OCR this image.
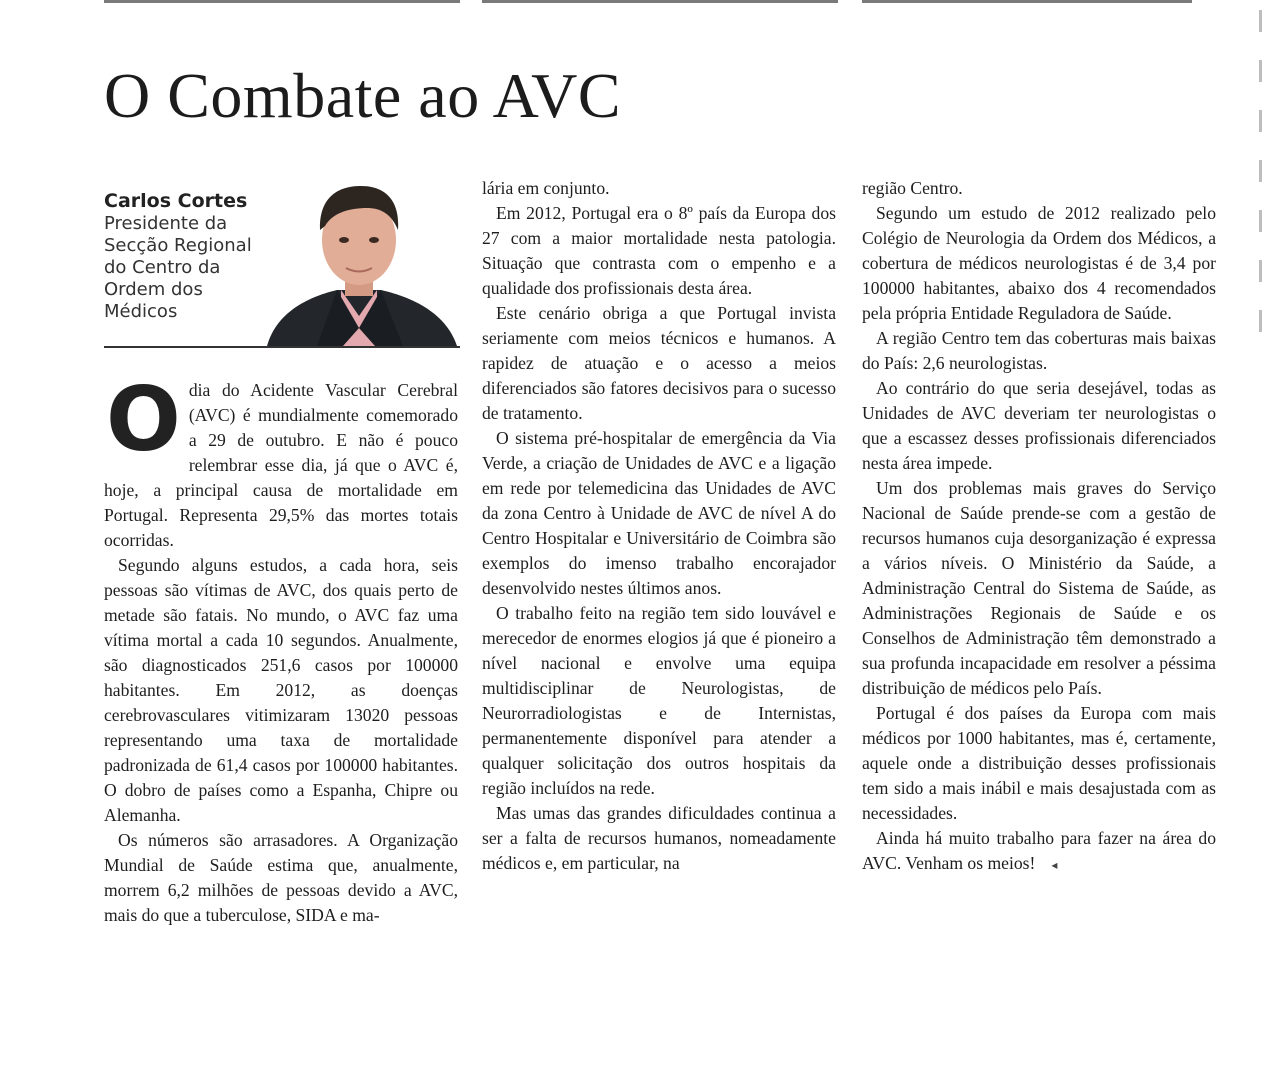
O Combate ao AVC
Carlos Cortes
Presidente da Secção Regional do Centro da Ordem dos Médicos

Odia do Acidente Vascular Cerebral (AVC) é mundialmente comemorado a 29 de outubro. E não é pouco relembrar esse dia, já que o AVC é, hoje, a principal causa de mortalidade em Portugal. Representa 29,5% das mortes totais ocorridas.

Segundo alguns estudos, a cada hora, seis pessoas são vítimas de AVC, dos quais perto de metade são fatais. No mundo, o AVC faz uma vítima mortal a cada 10 segundos. Anualmente, são diagnosticados 251,6 casos por 100000 habitantes. Em 2012, as doenças cerebrovasculares vitimizaram 13020 pessoas representando uma taxa de mortalidade padronizada de 61,4 casos por 100000 habitantes. O dobro de países como a Espanha, Chipre ou Alemanha.

Os números são arrasadores. A Organização Mundial de Saúde estima que, anualmente, morrem 6,2 milhões de pessoas devido a AVC, mais do que a tuberculose, SIDA e ma-

lária em conjunto.

Em 2012, Portugal era o 8º país da Europa dos 27 com a maior mortalidade nesta patologia. Situação que contrasta com o empenho e a qualidade dos profissionais desta área.

Este cenário obriga a que Portugal invista seriamente com meios técnicos e humanos. A rapidez de atuação e o acesso a meios diferenciados são fatores decisivos para o sucesso de tratamento.

O sistema pré-hospitalar de emergência da Via Verde, a criação de Unidades de AVC e a ligação em rede por telemedicina das Unidades de AVC da zona Centro à Unidade de AVC de nível A do Centro Hospitalar e Universitário de Coimbra são exemplos do imenso trabalho encorajador desenvolvido nestes últimos anos.

O trabalho feito na região tem sido louvável e merecedor de enormes elogios já que é pioneiro a nível nacional e envolve uma equipa multidisciplinar de Neurologistas, de Neurorradiologistas e de Internistas, permanentemente disponível para atender a qualquer solicitação dos outros hospitais da região incluídos na rede.

Mas umas das grandes dificuldades continua a ser a falta de recursos humanos, nomeadamente médicos e, em particular, na

região Centro.

Segundo um estudo de 2012 realizado pelo Colégio de Neurologia da Ordem dos Médicos, a cobertura de médicos neurologistas é de 3,4 por 100000 habitantes, abaixo dos 4 recomendados pela própria Entidade Reguladora de Saúde.

A região Centro tem das coberturas mais baixas do País: 2,6 neurologistas.

Ao contrário do que seria desejável, todas as Unidades de AVC deveriam ter neurologistas o que a escassez desses profissionais diferenciados nesta área impede.

Um dos problemas mais graves do Serviço Nacional de Saúde prende-se com a gestão de recursos humanos cuja desorganização é expressa a vários níveis. O Ministério da Saúde, a Administração Central do Sistema de Saúde, as Administrações Regionais de Saúde e os Conselhos de Administração têm demonstrado a sua profunda incapacidade em resolver a péssima distribuição de médicos pelo País.

Portugal é dos países da Europa com mais médicos por 1000 habitantes, mas é, certamente, aquele onde a distribuição desses profissionais tem sido a mais inábil e mais desajustada com as necessidades.

Ainda há muito trabalho para fazer na área do AVC. Venham os meios! ◂
